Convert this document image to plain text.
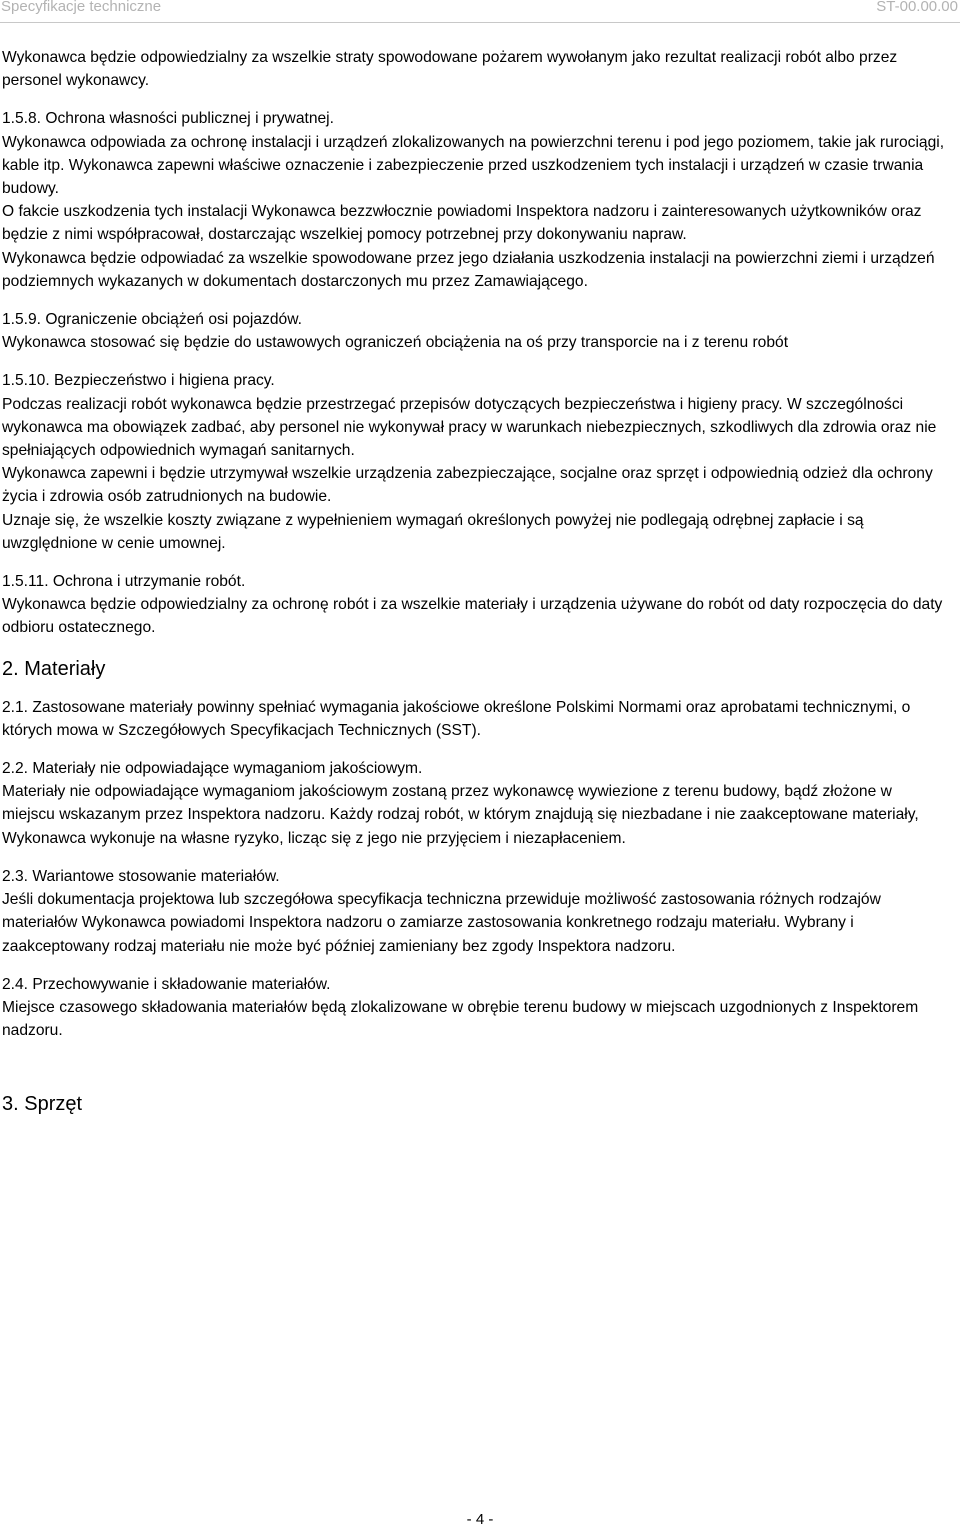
Specyfikacje techniczne	ST-00.00.00

Wykonawca będzie odpowiedzialny za wszelkie straty spowodowane pożarem wywołanym jako rezultat realizacji robót albo przez personel wykonawcy.

1.5.8. Ochrona własności publicznej i prywatnej.

Wykonawca odpowiada za ochronę instalacji i urządzeń zlokalizowanych na powierzchni terenu i pod jego poziomem, takie jak rurociągi, kable itp. Wykonawca zapewni właściwe oznaczenie i zabezpieczenie przed uszkodzeniem tych instalacji i urządzeń w czasie trwania budowy.

O fakcie uszkodzenia tych instalacji Wykonawca bezzwłocznie powiadomi Inspektora nadzoru i zainteresowanych użytkowników oraz będzie z nimi współpracował, dostarczając wszelkiej pomocy potrzebnej przy dokonywaniu napraw.

Wykonawca będzie odpowiadać za wszelkie spowodowane przez jego działania uszkodzenia instalacji na powierzchni ziemi i urządzeń podziemnych wykazanych w dokumentach dostarczonych mu przez Zamawiającego.

1.5.9. Ograniczenie obciążeń osi pojazdów.

Wykonawca stosować się będzie do ustawowych ograniczeń obciążenia na oś przy transporcie na i z terenu robót

1.5.10. Bezpieczeństwo i higiena pracy.

Podczas realizacji robót wykonawca będzie przestrzegać przepisów dotyczących bezpieczeństwa i higieny pracy. W szczególności wykonawca ma obowiązek zadbać, aby personel nie wykonywał pracy w warunkach niebezpiecznych, szkodliwych dla zdrowia oraz nie spełniających odpowiednich wymagań sanitarnych.

Wykonawca zapewni i będzie utrzymywał wszelkie urządzenia zabezpieczające, socjalne oraz sprzęt i odpowiednią odzież dla ochrony życia i zdrowia osób zatrudnionych na budowie.

Uznaje się, że wszelkie koszty związane z wypełnieniem wymagań określonych powyżej nie podlegają odrębnej zapłacie i są uwzględnione w cenie umownej.

1.5.11. Ochrona i utrzymanie robót.

Wykonawca będzie odpowiedzialny za ochronę robót i za wszelkie materiały i urządzenia używane do robót od daty rozpoczęcia do daty odbioru ostatecznego.

2. Materiały

2.1. Zastosowane materiały powinny spełniać wymagania jakościowe określone Polskimi Normami oraz aprobatami technicznymi, o których mowa w Szczegółowych Specyfikacjach Technicznych (SST).

2.2. Materiały nie odpowiadające wymaganiom jakościowym.

Materiały nie odpowiadające wymaganiom jakościowym zostaną przez wykonawcę wywiezione z terenu budowy, bądź złożone w miejscu wskazanym przez Inspektora nadzoru. Każdy rodzaj robót, w którym znajdują się niezbadane i nie zaakceptowane materiały, Wykonawca wykonuje na własne ryzyko, licząc się z jego nie przyjęciem i niezapłaceniem.

2.3. Wariantowe stosowanie materiałów.

Jeśli dokumentacja projektowa lub szczegółowa specyfikacja techniczna przewiduje możliwość zastosowania różnych rodzajów materiałów Wykonawca powiadomi Inspektora nadzoru o zamiarze zastosowania konkretnego rodzaju materiału. Wybrany i zaakceptowany rodzaj materiału nie może być później zamieniany bez zgody Inspektora nadzoru.

2.4. Przechowywanie i składowanie materiałów.

Miejsce czasowego składowania materiałów będą zlokalizowane w obrębie terenu budowy w miejscach uzgodnionych z Inspektorem nadzoru.

3. Sprzęt

- 4 -
